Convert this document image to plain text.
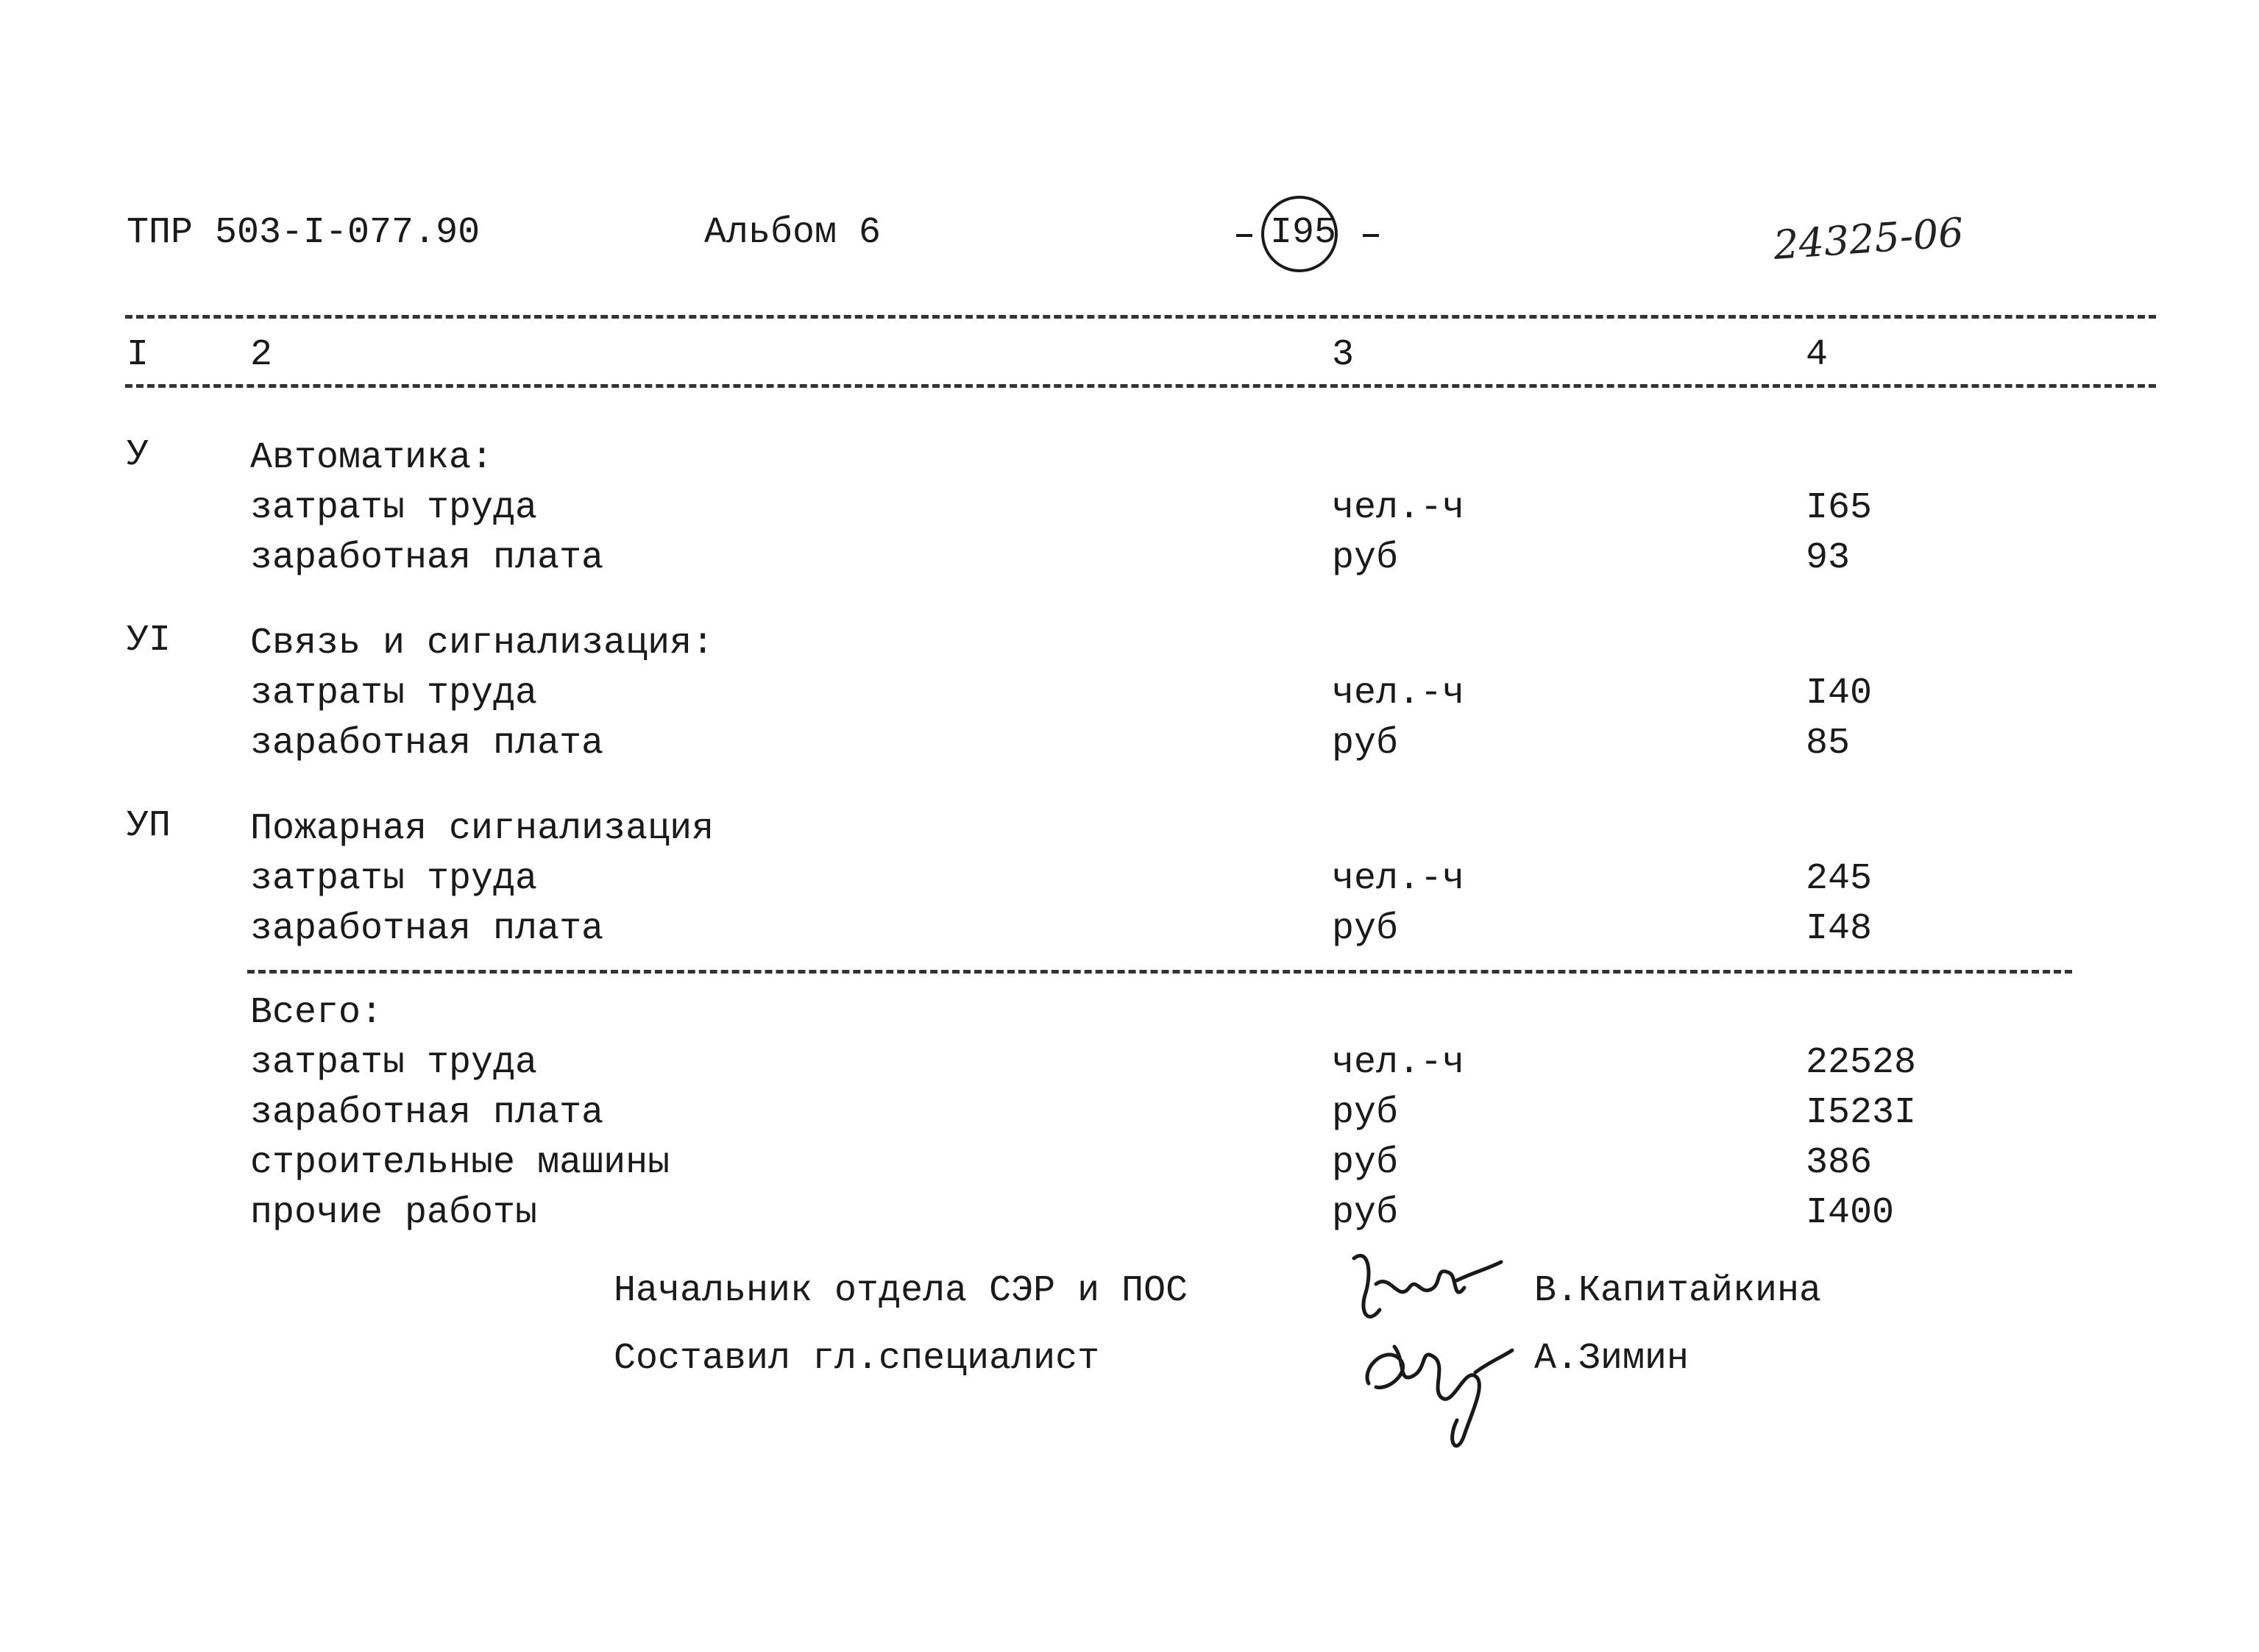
ТПР 503-I-077.90	Альбом 6	I95	24325-06
I	2	3	4
У	Автоматика:
затраты труда	чел.-ч	I65
заработная плата	руб	93
УI Связь и сигнализация:
затраты труда	чел.-ч	I40
заработная плата	руб	85
УП Пожарная сигнализация
затраты труда	чел.-ч	245
заработная плата	руб	I48
Всего:
затраты труда	чел.-ч	22528
заработная плата	руб	I523I
строительные машины	руб	386
прочие работы	руб	I400
Начальник отдела СЭР и ПОС	В.Капитайкина
Составил гл.специалист	А.Зимин
